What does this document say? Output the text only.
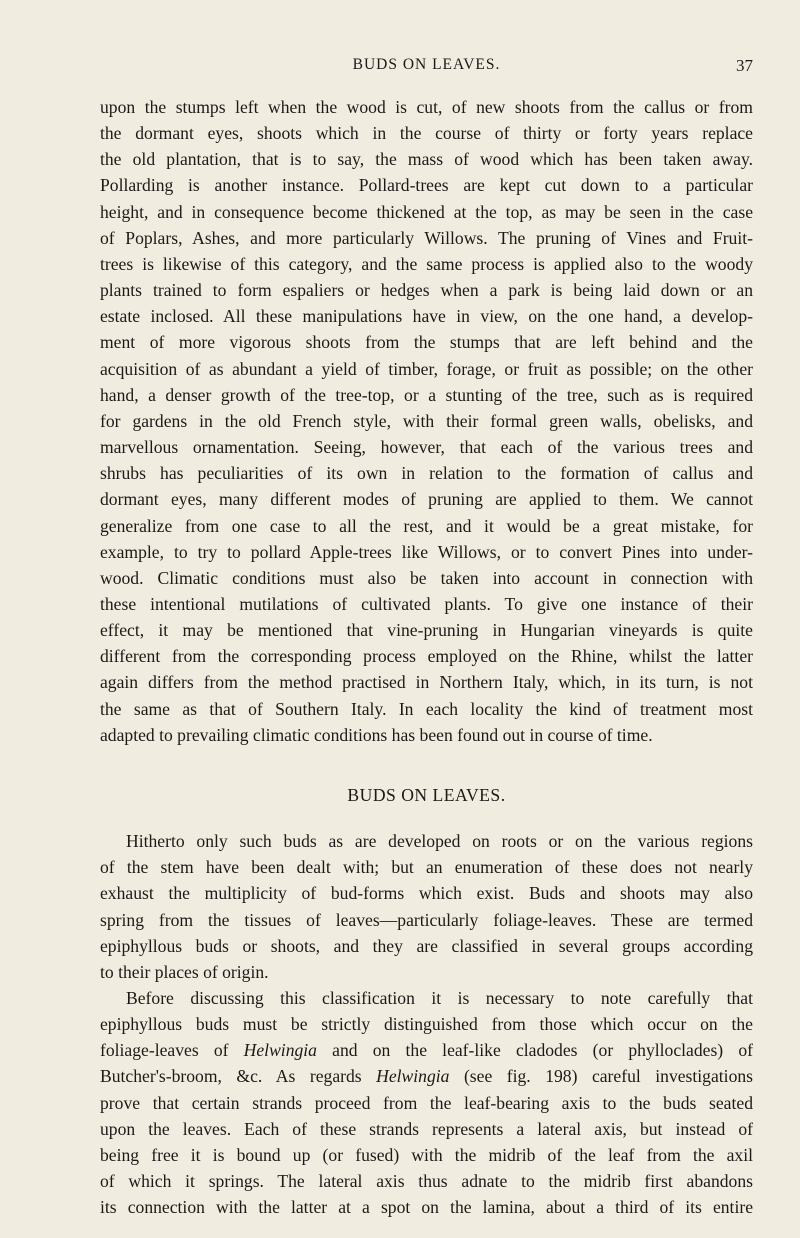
BUDS ON LEAVES.	37

upon the stumps left when the wood is cut, of new shoots from the callus or from

the dormant eyes, shoots which in the course of thirty or forty years replace

the old plantation, that is to say, the mass of wood which has been taken away.

Pollarding is another instance. Pollard-trees are kept cut down to a particular

height, and in consequence become thickened at the top, as may be seen in the case

of Poplars, Ashes, and more particularly Willows. The pruning of Vines and Fruit-

trees is likewise of this category, and the same process is applied also to the woody

plants trained to form espaliers or hedges when a park is being laid down or an

estate inclosed. All these manipulations have in view, on the one hand, a develop-

ment of more vigorous shoots from the stumps that are left behind and the

acquisition of as abundant a yield of timber, forage, or fruit as possible; on the other

hand, a denser growth of the tree-top, or a stunting of the tree, such as is required

for gardens in the old French style, with their formal green walls, obelisks, and

marvellous ornamentation. Seeing, however, that each of the various trees and

shrubs has peculiarities of its own in relation to the formation of callus and

dormant eyes, many different modes of pruning are applied to them. We cannot

generalize from one case to all the rest, and it would be a great mistake, for

example, to try to pollard Apple-trees like Willows, or to convert Pines into under-

wood. Climatic conditions must also be taken into account in connection with

these intentional mutilations of cultivated plants. To give one instance of their

effect, it may be mentioned that vine-pruning in Hungarian vineyards is quite

different from the corresponding process employed on the Rhine, whilst the latter

again differs from the method practised in Northern Italy, which, in its turn, is not

the same as that of Southern Italy. In each locality the kind of treatment most

adapted to prevailing climatic conditions has been found out in course of time.

BUDS ON LEAVES.

Hitherto only such buds as are developed on roots or on the various regions

of the stem have been dealt with; but an enumeration of these does not nearly

exhaust the multiplicity of bud-forms which exist. Buds and shoots may also

spring from the tissues of leaves—particularly foliage-leaves. These are termed

epiphyllous buds or shoots, and they are classified in several groups according

to their places of origin.

Before discussing this classification it is necessary to note carefully that

epiphyllous buds must be strictly distinguished from those which occur on the

foliage-leaves of Helwingia and on the leaf-like cladodes (or phylloclades) of

Butcher's-broom, &c. As regards Helwingia (see fig. 198) careful investigations

prove that certain strands proceed from the leaf-bearing axis to the buds seated

upon the leaves. Each of these strands represents a lateral axis, but instead of

being free it is bound up (or fused) with the midrib of the leaf from the axil

of which it springs. The lateral axis thus adnate to the midrib first abandons

its connection with the latter at a spot on the lamina, about a third of its entire
